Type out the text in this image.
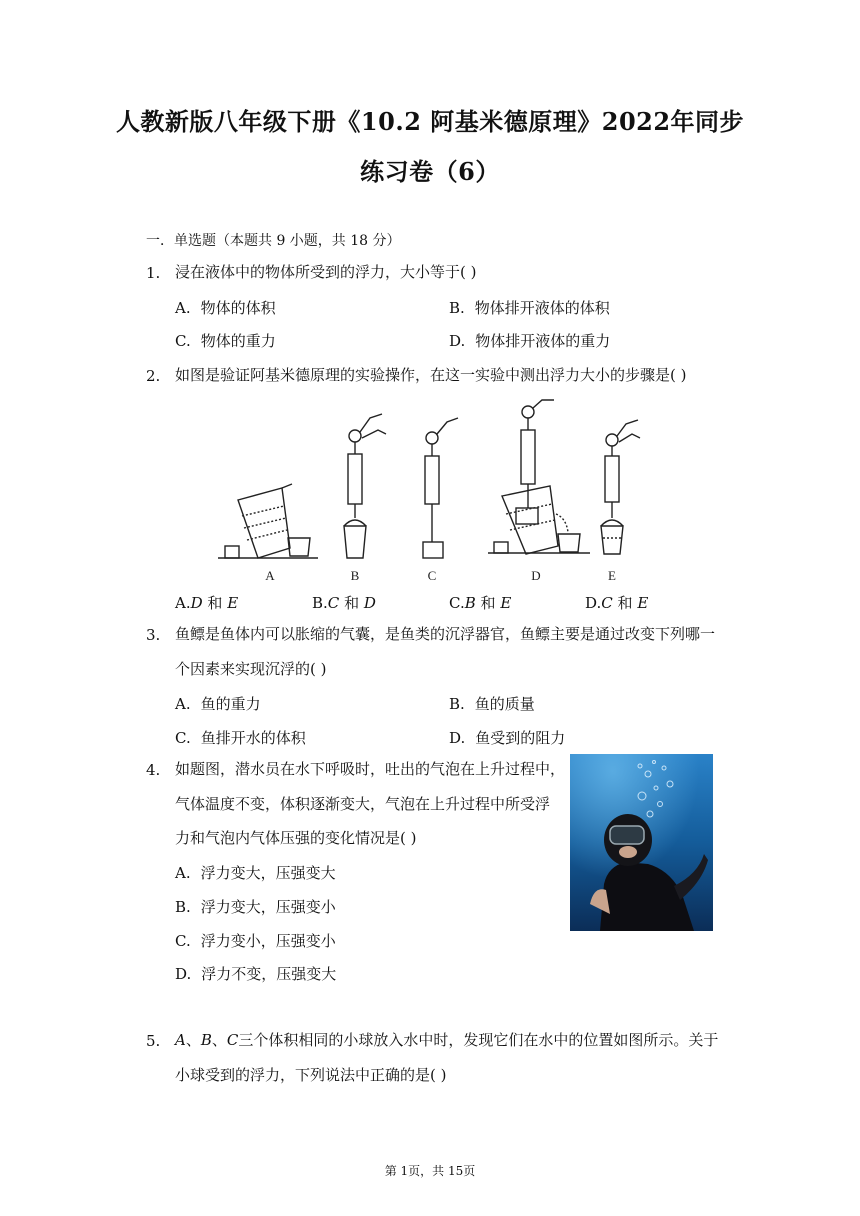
人教新版八年级下册《10.2 阿基米德原理》2022年同步
练习卷（6）
一．单选题（本题共 9 小题，共 18 分）
1. 浸在液体中的物体所受到的浮力，大小等于( )
A. 物体的体积	B. 物体排开液体的体积
C. 物体的重力	D. 物体排开液体的重力
2. 如图是验证阿基米德原理的实验操作，在这一实验中测出浮力大小的步骤是( )
A	B	C	D	E
A.D 和 E	B.C 和 D	C.B 和 E	D.C 和 E
3. 鱼鳔是鱼体内可以胀缩的气囊，是鱼类的沉浮器官，鱼鳔主要是通过改变下列哪一
个因素来实现沉浮的( )
A. 鱼的重力	B. 鱼的质量
C. 鱼排开水的体积	D. 鱼受到的阻力
4. 如题图，潜水员在水下呼吸时，吐出的气泡在上升过程中，
气体温度不变，体积逐渐变大，气泡在上升过程中所受浮
力和气泡内气体压强的变化情况是( )
A. 浮力变大，压强变大
B. 浮力变大，压强变小
C. 浮力变小，压强变小
D. 浮力不变，压强变大
5. A、B、C三个体积相同的小球放入水中时，发现它们在水中的位置如图所示。关于
小球受到的浮力，下列说法中正确的是( )
第 1页，共 15页
